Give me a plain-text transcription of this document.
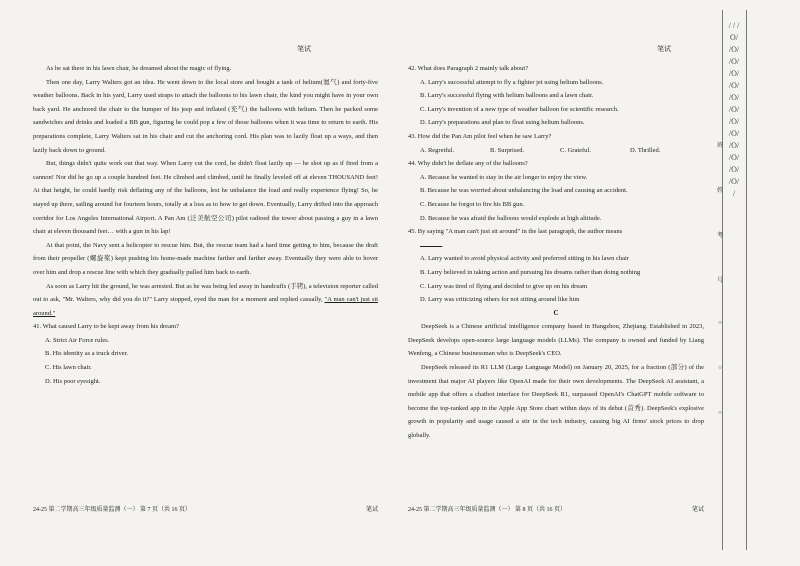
笔试

As he sat there in his lawn chair, he dreamed about the magic of flying.

Then one day, Larry Walters got an idea. He went down to the local store and bought a tank of helium(氦气) and forty-five weather balloons. Back in his yard, Larry used straps to attach the balloons to his lawn chair, the kind you might have in your own back yard. He anchored the chair to the bumper of his jeep and inflated (充气) the balloons with helium. Then he packed some sandwiches and drinks and loaded a BB gun, figuring he could pop a few of those balloons when it was time to return to earth. His preparations complete, Larry Walters sat in his chair and cut the anchoring cord. His plan was to lazily float up a ways, and then lazily back down to ground.

But, things didn't quite work out that way. When Larry cut the cord, he didn't float lazily up — he shot up as if fired from a cannon! Nor did he go up a couple hundred feet. He climbed and climbed, until he finally leveled off at eleven THOUSAND feet! At that height, he could hardly risk deflating any of the balloons, lest he unbalance the load and really experience flying! So, he stayed up there, sailing around for fourteen hours, totally at a loss as to how to get down. Eventually, Larry drifted into the approach corridor for Los Angeles International Airport. A Pan Am (泛美航空公司) pilot radioed the tower about passing a guy in a lawn chair at eleven thousand feet… with a gun in his lap!

At that point, the Navy sent a helicopter to rescue him. But, the rescue team had a hard time getting to him, because the draft from their propeller (螺旋桨) kept pushing his home-made machine farther and farther away. Eventually they were able to hover over him and drop a rescue line with which they gradually pulled him back to earth.

As soon as Larry hit the ground, he was arrested. But as he was being led away in handcuffs (手铐), a television reporter called out to ask, "Mr. Walters, why did you do it?" Larry stopped, eyed the man for a moment and replied casually, "A man can't just sit around."

41. What caused Larry to be kept away from his dream?

A. Strict Air Force rules.

B. His identity as a truck driver.

C. His lawn chair.

D. His poor eyesight.

24-25 第二学期高三年级质量监测（一） 第 7 页（共 16 页）	笔试
笔试

42. What does Paragraph 2 mainly talk about?

A. Larry's successful attempt to fly a fighter jet using helium balloons.

B. Larry's successful flying with helium balloons and a lawn chair.

C. Larry's invention of a new type of weather balloon for scientific research.

D. Larry's preparations and plan to float using helium balloons.

43. How did the Pan Am pilot feel when he saw Larry?

A. Regretful.	B. Surprised.	C. Grateful.	D. Thrilled.

44. Why didn't he deflate any of the balloons?

A. Because he wanted to stay in the air longer to enjoy the view.

B. Because he was worried about unbalancing the load and causing an accident.

C. Because he forgot to fire his BB gun.

D. Because he was afraid the balloons would explode at high altitude.

45. By saying "A man can't just sit around" in the last paragraph, the author means

.

A. Larry wanted to avoid physical activity and preferred sitting in his lawn chair

B. Larry believed in taking action and pursuing his dreams rather than doing nothing

C. Larry was tired of flying and decided to give up on his dream

D. Larry was criticizing others for not sitting around like him

C

DeepSeek is a Chinese artificial intelligence company based in Hangzhou, Zhejiang. Established in 2023, DeepSeek develops open-source large language models (LLMs). The company is owned and funded by Liang Wenfeng, a Chinese businessman who is DeepSeek's CEO.

DeepSeek released its R1 LLM (Large Language Model) on January 20, 2025, for a fraction (部分) of the investment that major AI players like OpenAI made for their own developments. The DeepSeek AI assistant, a mobile app that offers a chatbot interface for DeepSeek R1, surpassed OpenAI's ChatGPT mobile software to become the top-ranked app in the Apple App Store chart within days of its debut (首秀). DeepSeek's explosive growth in popularity and usage caused a stir in the tech industry, causing big AI firms' stock prices to drop globally.

24-25 第二学期高三年级质量监测（一） 第 8 页（共 16 页）	笔试
/ / /O/ /O/ /O/ /O/ /O/ /O/ /O/ /O/ /O/ /O/ /O/ /O/ /O/ /
班
姓
考
号
○
○
○
